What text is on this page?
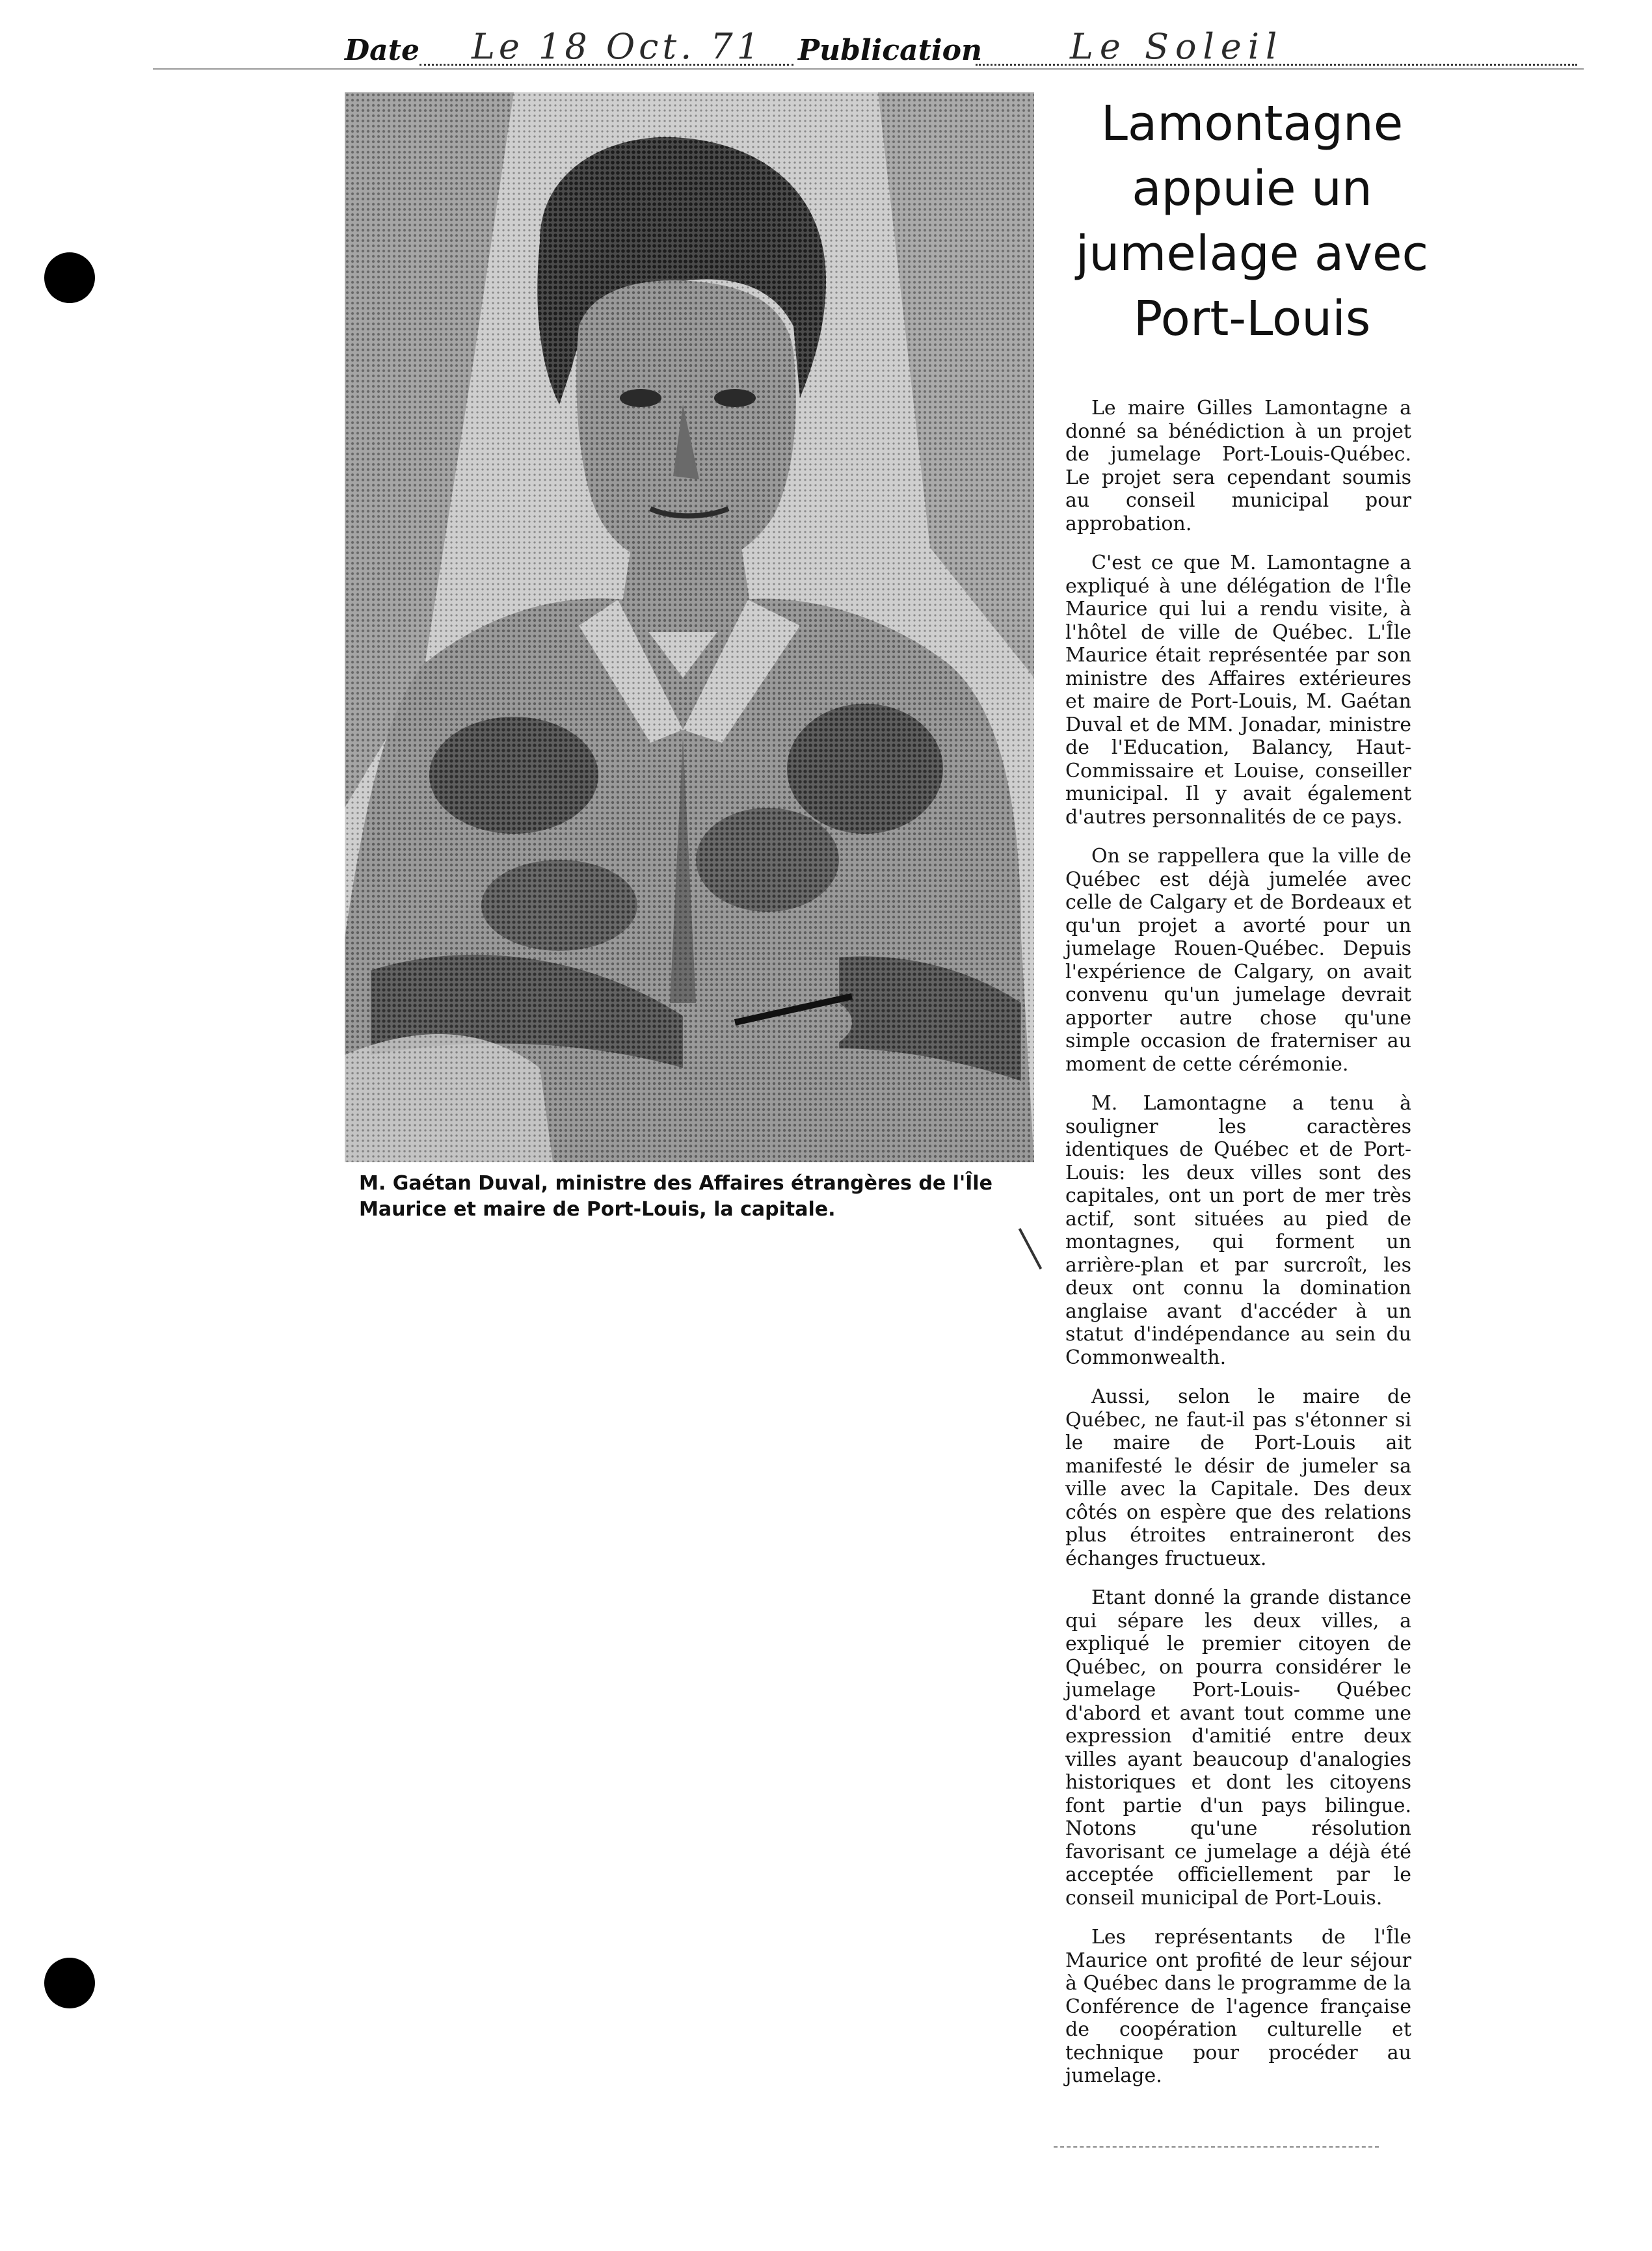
Date Le 18 Oct. 71 Publication	Le Soleil
M. Gaétan Duval, ministre des Affaires étrangères de l'Île
Maurice et maire de Port-Louis, la capitale.
Lamontagne
appuie un
jumelage avec
Port-Louis

Le maire Gilles Lamontagne a donné sa bénédiction à un projet de jumelage Port-Louis-Québec. Le projet sera cependant soumis au conseil municipal pour approbation.

C'est ce que M. Lamontagne a expliqué à une délégation de l'Île Maurice qui lui a rendu visite, à l'hôtel de ville de Québec. L'Île Maurice était représentée par son ministre des Affaires extérieures et maire de Port-Louis, M. Gaétan Duval et de MM. Jonadar, ministre de l'Education, Balancy, Haut-Commissaire et Louise, conseiller municipal. Il y avait également d'autres personnalités de ce pays.

On se rappellera que la ville de Québec est déjà jumelée avec celle de Calgary et de Bordeaux et qu'un projet a avorté pour un jumelage Rouen-Québec. Depuis l'expérience de Calgary, on avait convenu qu'un jumelage devrait apporter autre chose qu'une simple occasion de fraterniser au moment de cette cérémonie.

M. Lamontagne a tenu à souligner les caractères identiques de Québec et de Port-Louis: les deux villes sont des capitales, ont un port de mer très actif, sont situées au pied de montagnes, qui forment un arrière-plan et par surcroît, les deux ont connu la domination anglaise avant d'accéder à un statut d'indépendance au sein du Commonwealth.

Aussi, selon le maire de Québec, ne faut-il pas s'étonner si le maire de Port-Louis ait manifesté le désir de jumeler sa ville avec la Capitale. Des deux côtés on espère que des relations plus étroites entraineront des échanges fructueux.

Etant donné la grande distance qui sépare les deux villes, a expliqué le premier citoyen de Québec, on pourra considérer le jumelage Port-Louis- Québec d'abord et avant tout comme une expression d'amitié entre deux villes ayant beaucoup d'analogies historiques et dont les citoyens font partie d'un pays bilingue. Notons qu'une résolution favorisant ce jumelage a déjà été acceptée officiellement par le conseil municipal de Port-Louis.

Les représentants de l'Île Maurice ont profité de leur séjour à Québec dans le programme de la Conférence de l'agence française de coopération culturelle et technique pour procéder au jumelage.
